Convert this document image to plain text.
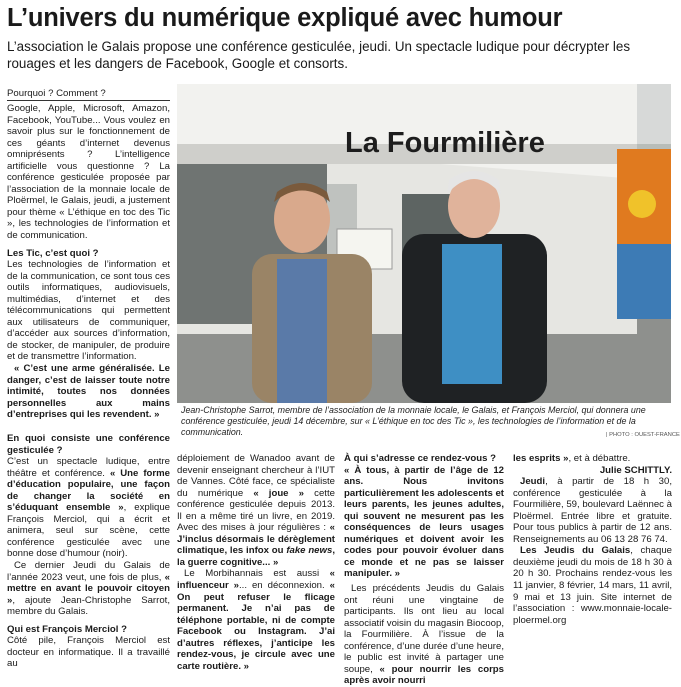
L’univers du numérique expliqué avec humour
L’association le Galais propose une conférence gesticulée, jeudi. Un spectacle ludique pour décrypter les rouages et les dangers de Facebook, Google et consorts.
Pourquoi ? Comment ?

Google, Apple, Microsoft, Amazon, Facebook, YouTube... Vous voulez en savoir plus sur le fonctionnement de ces géants d’internet devenus omniprésents ? L’intelligence artificielle vous questionne ? La conférence gesticulée proposée par l’association de la monnaie locale de Ploërmel, le Galais, jeudi, a justement pour thème « L’éthique en toc des Tic », les technologies de l’information et de communication.

Les Tic, c’est quoi ?

Les technologies de l’information et de la communication, ce sont tous ces outils informatiques, audiovisuels, multimédias, d’internet et des télécommunications qui permettent aux utilisateurs de communiquer, d’accéder aux sources d’information, de stocker, de manipuler, de produire et de transmettre l’information.

« C’est une arme généralisée. Le danger, c’est de laisser toute notre intimité, toutes nos données personnelles aux mains d’entreprises qui les revendent. »

La Fourmilière
Jean-Christophe Sarrot, membre de l’association de la monnaie locale, le Galais, et François Merciol, qui donnera une conférence gesticulée, jeudi 14 décembre, sur « L’éthique en toc des Tic », les technologies de l’information et de la communication.	| PHOTO : OUEST-FRANCE

En quoi consiste une conférence gesticulée ?

C’est un spectacle ludique, entre théâtre et conférence. « Une forme d’éducation populaire, une façon de changer la société en s’éduquant ensemble », explique François Merciol, qui a écrit et animera, seul sur scène, cette conférence gesticulée avec une bonne dose d’humour (noir).

Ce dernier Jeudi du Galais de l’année 2023 veut, une fois de plus, « mettre en avant le pouvoir citoyen », ajoute Jean-Christophe Sarrot, membre du Galais.

Qui est François Merciol ?

Côté pile, François Merciol est docteur en informatique. Il a travaillé au

déploiement de Wanadoo avant de devenir enseignant chercheur à l’IUT de Vannes. Côté face, ce spécialiste du numérique « joue » cette conférence gesticulée depuis 2013. Il en a même tiré un livre, en 2019. Avec des mises à jour régulières : « J’inclus désormais le dérèglement climatique, les infox ou fake news, la guerre cognitive... »

Le Morbihannais est aussi « influenceur »... en déconnexion. « On peut refuser le flicage permanent. Je n’ai pas de téléphone portable, ni de compte Facebook ou Instagram. J’ai d’autres réflexes, j’anticipe les rendez-vous, je circule avec une carte routière. »

À qui s’adresse ce rendez-vous ?

« À tous, à partir de l’âge de 12 ans. Nous invitons particulièrement les adolescents et leurs parents, les jeunes adultes, qui souvent ne mesurent pas les conséquences de leurs usages numériques et doivent avoir les codes pour pouvoir évoluer dans ce monde et ne pas se laisser manipuler. »

Les précédents Jeudis du Galais ont réuni une vingtaine de participants. Ils ont lieu au local associatif voisin du magasin Biocoop, la Fourmilière. À l’issue de la conférence, d’une durée d’une heure, le public est invité à partager une soupe, « pour nourrir les corps après avoir nourri

les esprits », et à débattre.

Julie SCHITTLY.

Jeudi, à partir de 18 h 30, conférence gesticulée à la Fourmilière, 59, boulevard Laënnec à Ploërmel. Entrée libre et gratuite. Pour tous publics à partir de 12 ans. Renseignements au 06 13 28 76 74.

Les Jeudis du Galais, chaque deuxième jeudi du mois de 18 h 30 à 20 h 30. Prochains rendez-vous les 11 janvier, 8 février, 14 mars, 11 avril, 9 mai et 13 juin. Site internet de l’association : www.monnaie-locale-ploermel.org
